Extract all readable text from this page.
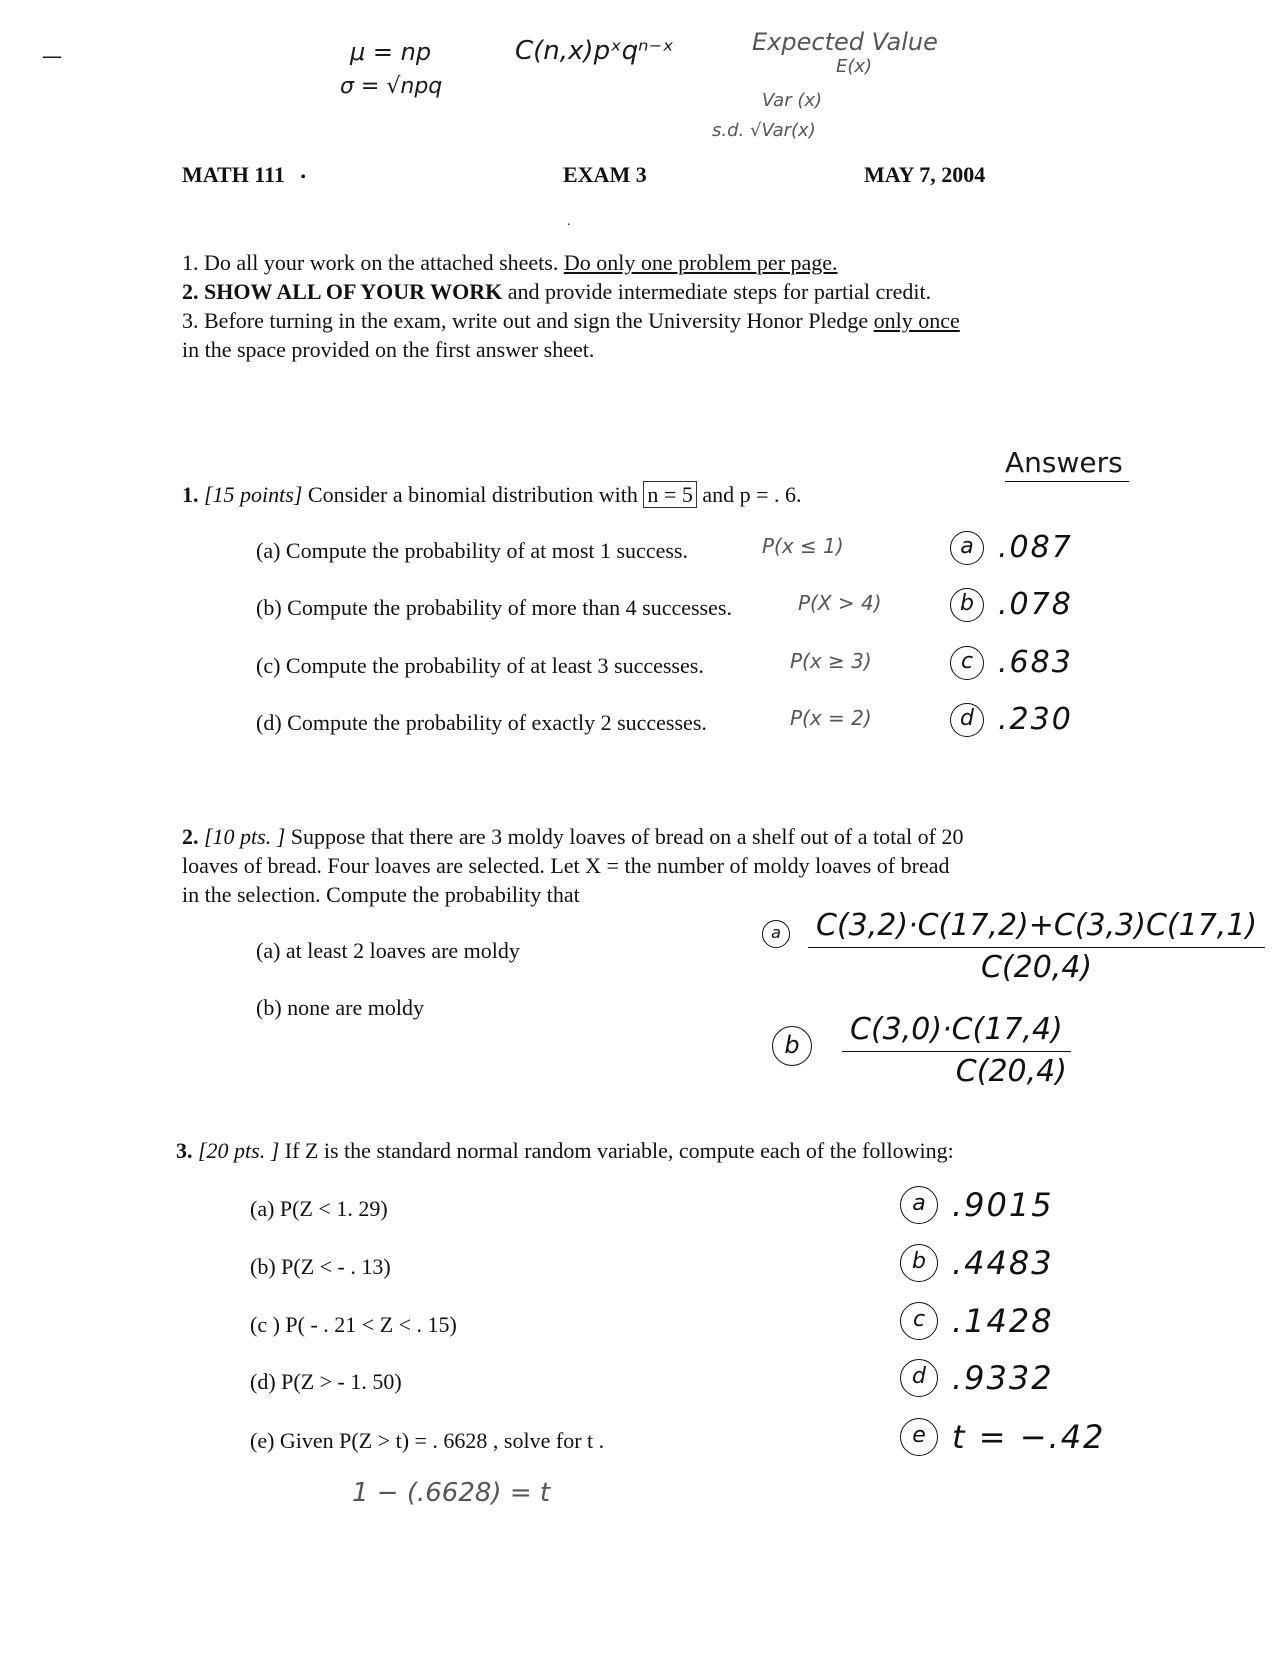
—	μ = np
σ = √npq
C(n,x)pˣqⁿ⁻ˣ	Expected Value
E(x)
Var (x)
s.d. √Var(x)
MATH 111 •	EXAM 3	MAY 7, 2004
.
1. Do all your work on the attached sheets. Do only one problem per page.
2. SHOW ALL OF YOUR WORK and provide intermediate steps for partial credit.
3. Before turning in the exam, write out and sign the University Honor Pledge only once
in the space provided on the first answer sheet.
Answers
1. [15 points] Consider a binomial distribution with n = 5 and p = . 6.
(a) Compute the probability of at most 1 success.	P(x ≤ 1)
(b) Compute the probability of more than 4 successes.	P(X > 4)
(c) Compute the probability of at least 3 successes.	P(x ≥ 3)
(d) Compute the probability of exactly 2 successes.	P(x = 2)
a .087
b .078
c .683
d .230
2. [10 pts. ] Suppose that there are 3 moldy loaves of bread on a shelf out of a total of 20
loaves of bread. Four loaves are selected. Let X = the number of moldy loaves of bread
in the selection. Compute the probability that
(a) at least 2 loaves are moldy
(b) none are moldy
a $\frac{C(3,2)\cdot C(17,2)+C(3,3)C(17,1)}{C(20,4)}$
b $\frac{C(3,0)\cdot C(17,4)}{C(20,4)}$
3. [20 pts. ] If Z is the standard normal random variable, compute each of the following:
(a) P(Z < 1. 29)
(b) P(Z < - . 13)
(c ) P( - . 21 < Z < . 15)
(d) P(Z > - 1. 50)
(e) Given P(Z > t) = . 6628 , solve for t .
a .9015
b .4483
c .1428
d .9332
e t = −.42
1 − (.6628) = t
